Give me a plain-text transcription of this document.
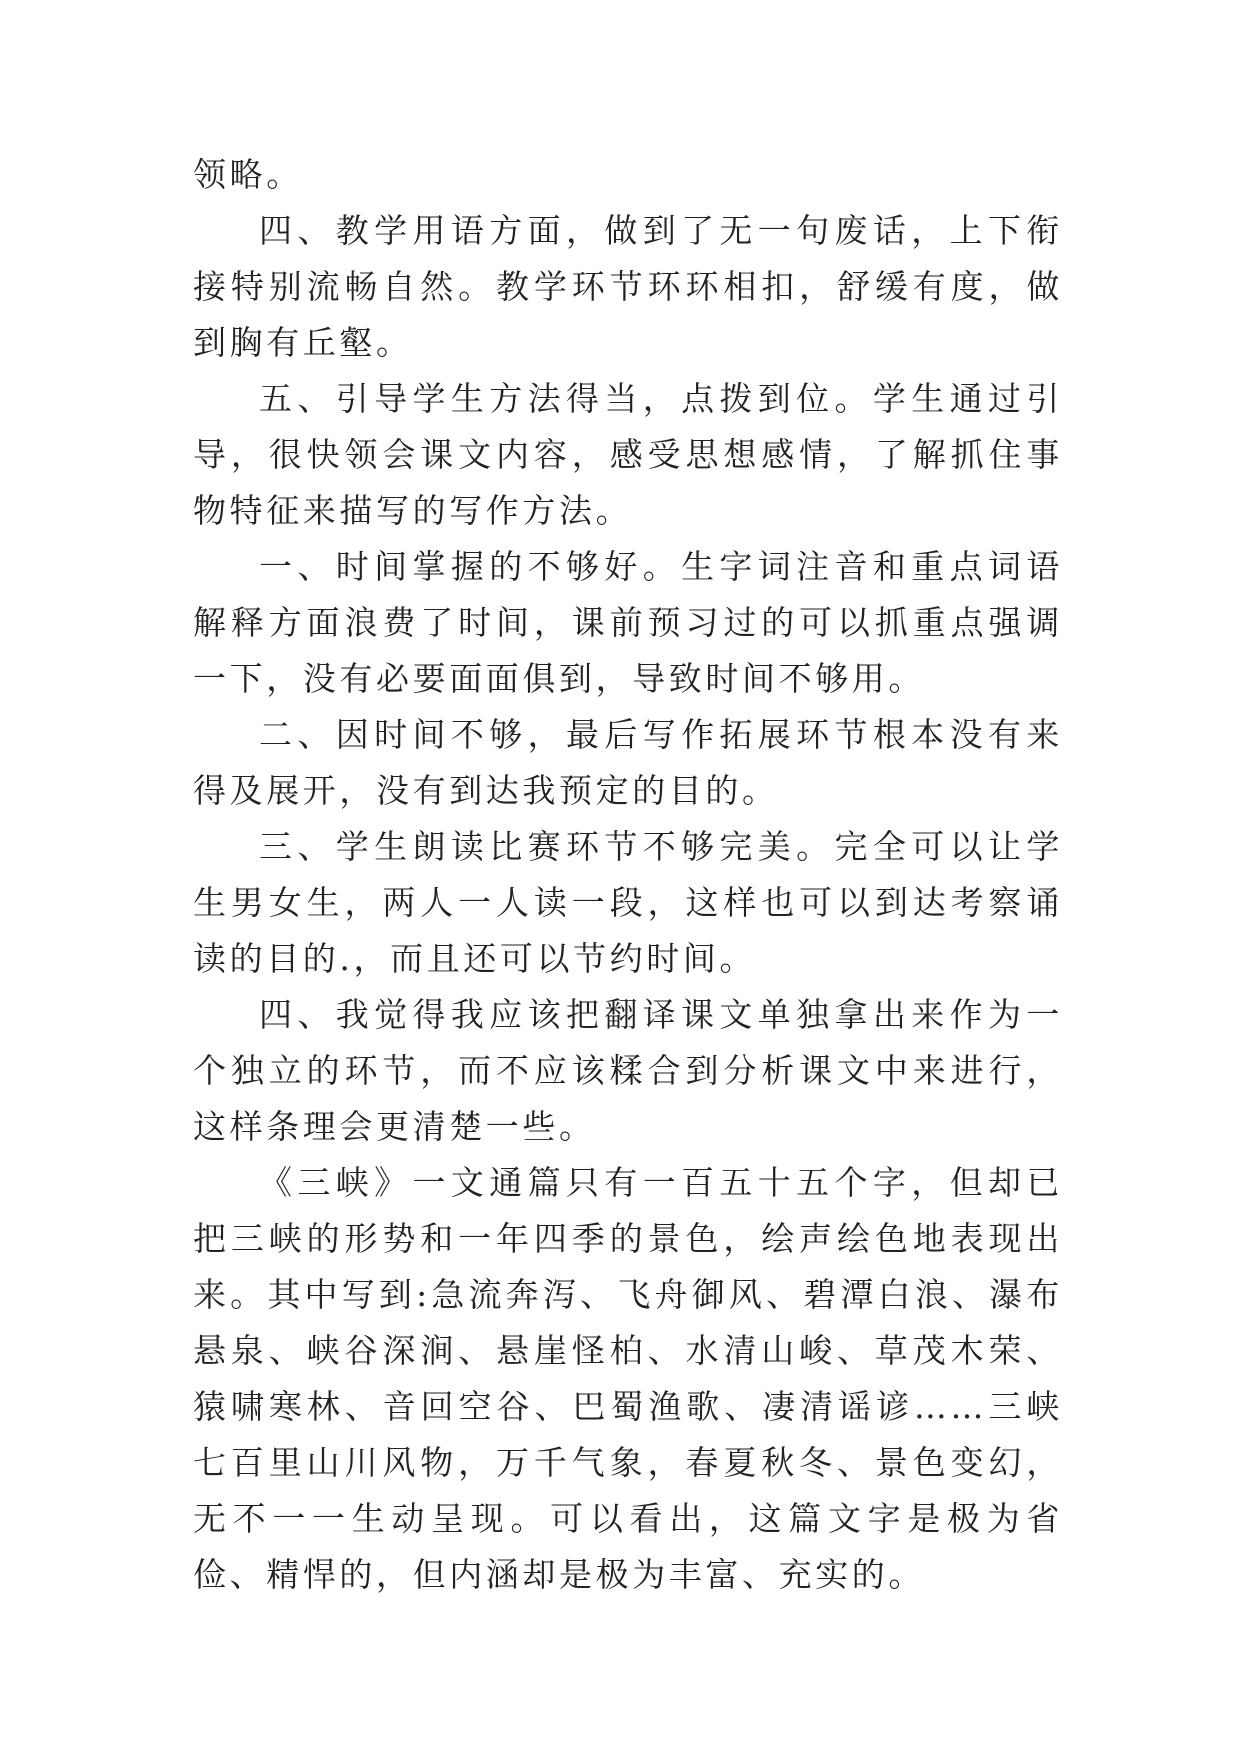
领略。

四、教学用语方面，做到了无一句废话，上下衔接特别流畅自然。教学环节环环相扣，舒缓有度，做到胸有丘壑。

五、引导学生方法得当，点拨到位。学生通过引导，很快领会课文内容，感受思想感情，了解抓住事物特征来描写的写作方法。

一、时间掌握的不够好。生字词注音和重点词语解释方面浪费了时间，课前预习过的可以抓重点强调一下，没有必要面面俱到，导致时间不够用。

二、因时间不够，最后写作拓展环节根本没有来得及展开，没有到达我预定的目的。

三、学生朗读比赛环节不够完美。完全可以让学生男女生，两人一人读一段，这样也可以到达考察诵读的目的.，而且还可以节约时间。

四、我觉得我应该把翻译课文单独拿出来作为一个独立的环节，而不应该糅合到分析课文中来进行，这样条理会更清楚一些。

《三峡》一文通篇只有一百五十五个字，但却已把三峡的形势和一年四季的景色，绘声绘色地表现出来。其中写到:急流奔泻、飞舟御风、碧潭白浪、瀑布悬泉、峡谷深涧、悬崖怪柏、水清山峻、草茂木荣、猿啸寒林、音回空谷、巴蜀渔歌、凄清谣谚……三峡七百里山川风物，万千气象，春夏秋冬、景色变幻，无不一一生动呈现。可以看出，这篇文字是极为省俭、精悍的，但内涵却是极为丰富、充实的。
